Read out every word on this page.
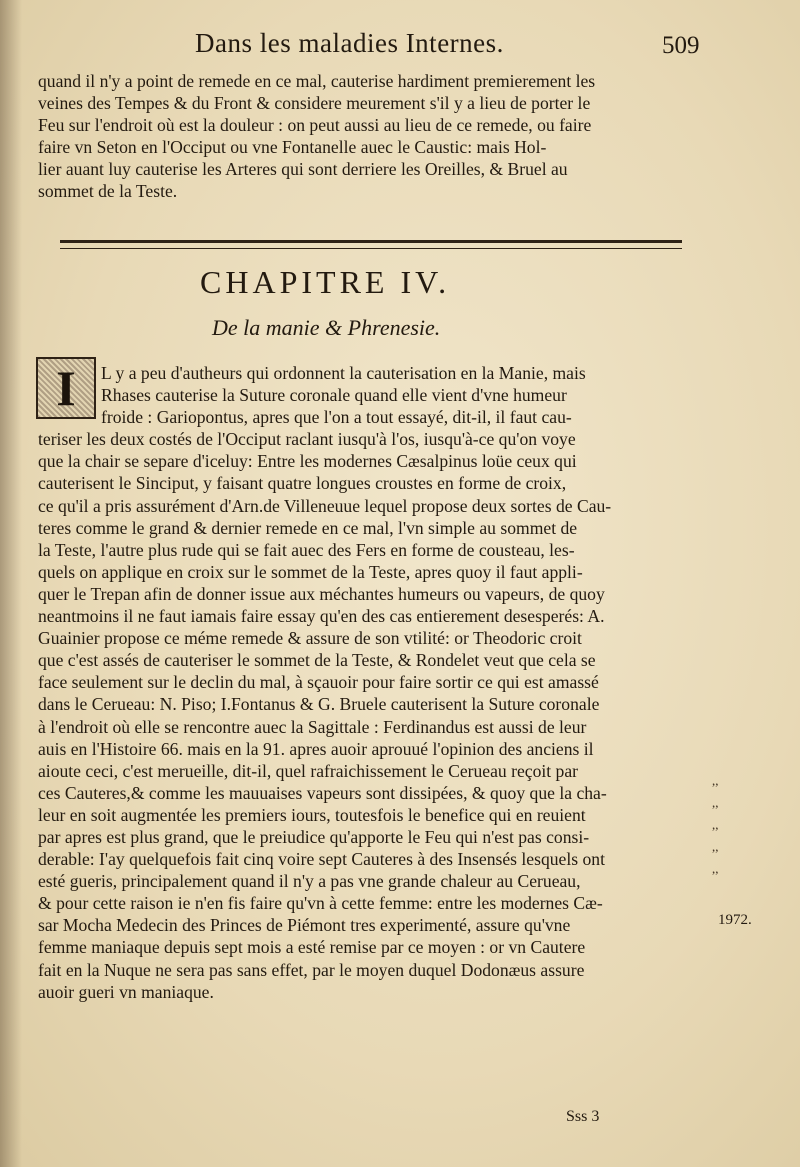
Dans les maladies Internes.	509
quand il n'y a point de remede en ce mal, cauterise hardiment premierement les
veines des Tempes & du Front & considere meurement s'il y a lieu de porter le
Feu sur l'endroit où est la douleur : on peut aussi au lieu de ce remede, ou faire
faire vn Seton en l'Occiput ou vne Fontanelle auec le Caustic: mais Hol-
lier auant luy cauterise les Arteres qui sont derriere les Oreilles, & Bruel au
sommet de la Teste.
CHAPITRE IV.
De la manie & Phrenesie.
I	L y a peu d'autheurs qui ordonnent la cauterisation en la Manie, mais
Rhases cauterise la Suture coronale quand elle vient d'vne humeur
froide : Gariopontus, apres que l'on a tout essayé, dit-il, il faut cau-
teriser les deux costés de l'Occiput raclant iusqu'à l'os, iusqu'à-ce qu'on voye
que la chair se separe d'iceluy: Entre les modernes Cæsalpinus loüe ceux qui
cauterisent le Sinciput, y faisant quatre longues croustes en forme de croix,
ce qu'il a pris assurément d'Arn.de Villeneuue lequel propose deux sortes de Cau-
teres comme le grand & dernier remede en ce mal, l'vn simple au sommet de
la Teste, l'autre plus rude qui se fait auec des Fers en forme de cousteau, les-
quels on applique en croix sur le sommet de la Teste, apres quoy il faut appli-
quer le Trepan afin de donner issue aux méchantes humeurs ou vapeurs, de quoy
neantmoins il ne faut iamais faire essay qu'en des cas entierement desesperés: A.
Guainier propose ce méme remede & assure de son vtilité: or Theodoric croit
que c'est assés de cauteriser le sommet de la Teste, & Rondelet veut que cela se
face seulement sur le declin du mal, à sçauoir pour faire sortir ce qui est amassé
dans le Cerueau: N. Piso; I.Fontanus & G. Bruele cauterisent la Suture coronale
à l'endroit où elle se rencontre auec la Sagittale : Ferdinandus est aussi de leur
auis en l'Histoire 66. mais en la 91. apres auoir aprouué l'opinion des anciens il
aioute ceci, c'est merueille, dit-il, quel rafraichissement le Cerueau reçoit par
ces Cauteres,& comme les mauuaises vapeurs sont dissipées, & quoy que la cha-
leur en soit augmentée les premiers iours, toutesfois le benefice qui en reuient
par apres est plus grand, que le preiudice qu'apporte le Feu qui n'est pas consi-
derable: I'ay quelquefois fait cinq voire sept Cauteres à des Insensés lesquels ont
esté gueris, principalement quand il n'y a pas vne grande chaleur au Cerueau,
& pour cette raison ie n'en fis faire qu'vn à cette femme: entre les modernes Cæ-
sar Mocha Medecin des Princes de Piémont tres experimenté, assure qu'vne
femme maniaque depuis sept mois a esté remise par ce moyen : or vn Cautere
fait en la Nuque ne sera pas sans effet, par le moyen duquel Dodonæus assure
auoir gueri vn maniaque.
,,
,,
,,
,,
,,
1972.
Sss 3
